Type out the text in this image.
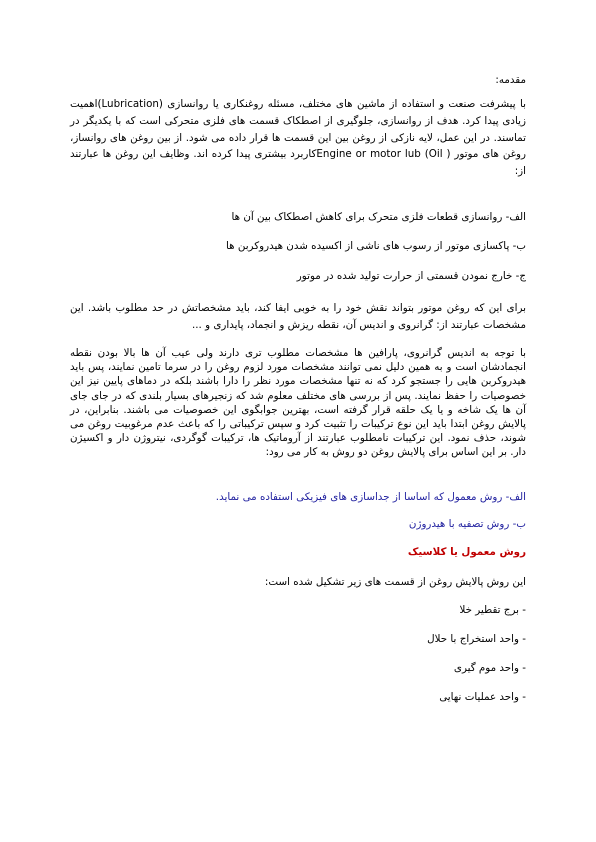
مقدمه:

با پیشرفت صنعت و استفاده از ماشین های مختلف، مسئله روغنکاری یا روانسازی (Lubrication)اهمیت زیادی پیدا کرد. هدف از روانسازی، جلوگیری از اصطکاک قسمت های فلزی متحرکی است که با یکدیگر در تماسند. در این عمل، لایه نازکی از روغن بین این قسمت ها قرار داده می شود. از بین روغن های روانساز، روغن های موتور ( Engine or motor lub (Oilکاربرد بیشتری پیدا کرده اند. وظایف این روغن ها عبارتند از:

الف- روانسازی قطعات فلزی متحرک برای کاهش اصطکاک بین آن ها
ب- پاکسازی موتور از رسوب های ناشی از اکسیده شدن هیدروکربن ها
ج- خارج نمودن قسمتی از حرارت تولید شده در موتور

برای این که روغن موتور بتواند نقش خود را به خوبی ایفا کند، باید مشخصاتش در حد مطلوب باشد. این مشخصات عبارتند از: گرانروی و اندیس آن، نقطه ریزش و انجماد، پایداری و ...

با توجه به اندیس گرانروی، پارافین ها مشخصات مطلوب تری دارند ولی عیب آن ها بالا بودن نقطه انجمادشان است و به همین دلیل نمی توانند مشخصات مورد لزوم روغن را در سرما تامین نمایند، پس باید هیدروکربن هایی را جستجو کرد که نه تنها مشخصات مورد نظر را دارا باشند بلکه در دماهای پایین نیز این خصوصیات را حفظ نمایند. پس از بررسی های مختلف معلوم شد که زنجیرهای بسیار بلندی که در جای جای آن ها یک شاخه و یا یک حلقه قرار گرفته است، بهترین جوابگوی این خصوصیات می باشند. بنابراین، در پالایش روغن ابتدا باید این نوع ترکیبات را تثبیت کرد و سپس ترکیباتی را که باعث عدم مرغوبیت روغن می شوند، حذف نمود. این ترکیبات نامطلوب عبارتند از آروماتیک ها، ترکیبات گوگردی، نیتروژن دار و اکسیژن دار. بر این اساس برای پالایش روغن دو روش به کار می رود:

الف- روش معمول که اساسا از جداسازی های فیزیکی استفاده می نماید.
ب- روش تصفیه با هیدروژن
روش معمول یا کلاسیک
این روش پالایش روغن از قسمت های زیر تشکیل شده است:
- برج تقطیر خلا
- واحد استخراج با حلال
- واحد موم گیری
- واحد عملیات نهایی
